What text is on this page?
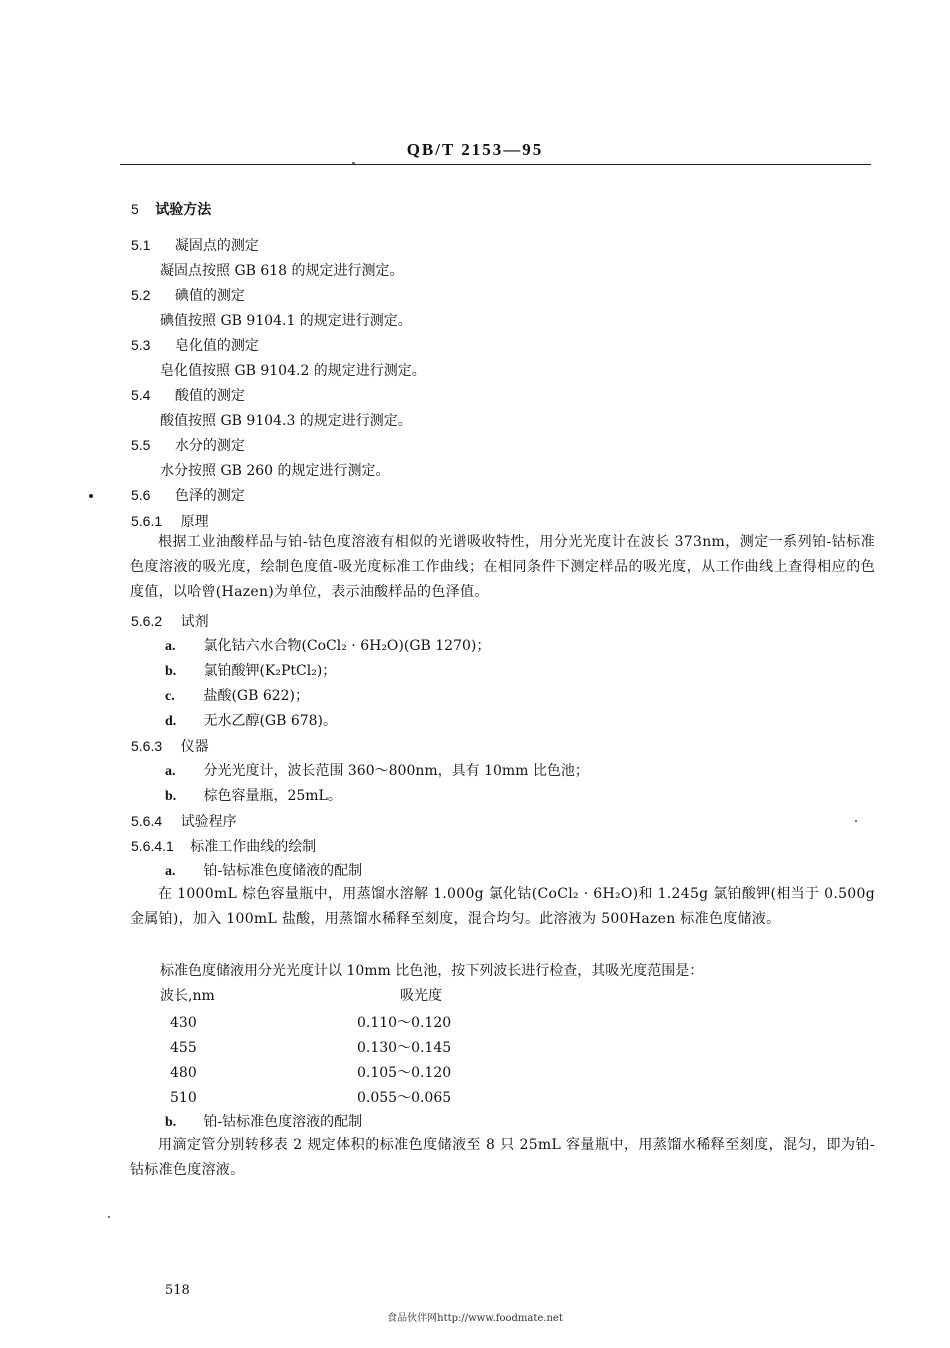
QB/T 2153—95
5 试验方法
5.1 凝固点的测定
凝固点按照 GB 618 的规定进行测定。
5.2 碘值的测定
碘值按照 GB 9104.1 的规定进行测定。
5.3 皂化值的测定
皂化值按照 GB 9104.2 的规定进行测定。
5.4 酸值的测定
酸值按照 GB 9104.3 的规定进行测定。
5.5 水分的测定
水分按照 GB 260 的规定进行测定。
5.6 色泽的测定
5.6.1 原理
根据工业油酸样品与铂-钴色度溶液有相似的光谱吸收特性，用分光光度计在波长 373nm，测定一系列铂-钴标准色度溶液的吸光度，绘制色度值-吸光度标准工作曲线；在相同条件下测定样品的吸光度，从工作曲线上查得相应的色度值，以哈曾(Hazen)为单位，表示油酸样品的色泽值。
5.6.2 试剂
a. 氯化钴六水合物(CoCl₂ · 6H₂O)(GB 1270)；
b. 氯铂酸钾(K₂PtCl₂)；
c. 盐酸(GB 622)；
d. 无水乙醇(GB 678)。
5.6.3 仪器
a. 分光光度计，波长范围 360～800nm，具有 10mm 比色池；
b. 棕色容量瓶，25mL。
5.6.4 试验程序
5.6.4.1 标准工作曲线的绘制
a. 铂-钴标准色度储液的配制
在 1000mL 棕色容量瓶中，用蒸馏水溶解 1.000g 氯化钴(CoCl₂ · 6H₂O)和 1.245g 氯铂酸钾(相当于 0.500g 金属铂)，加入 100mL 盐酸，用蒸馏水稀释至刻度，混合均匀。此溶液为 500Hazen 标准色度储液。
标准色度储液用分光光度计以 10mm 比色池，按下列波长进行检查，其吸光度范围是：
波长,nm	吸光度
430	0.110～0.120
455	0.130～0.145
480	0.105～0.120
510	0.055～0.065
b. 铂-钴标准色度溶液的配制
用滴定管分别转移表 2 规定体积的标准色度储液至 8 只 25mL 容量瓶中，用蒸馏水稀释至刻度，混匀，即为铂-钴标准色度溶液。
518
食品伙伴网http://www.foodmate.net
